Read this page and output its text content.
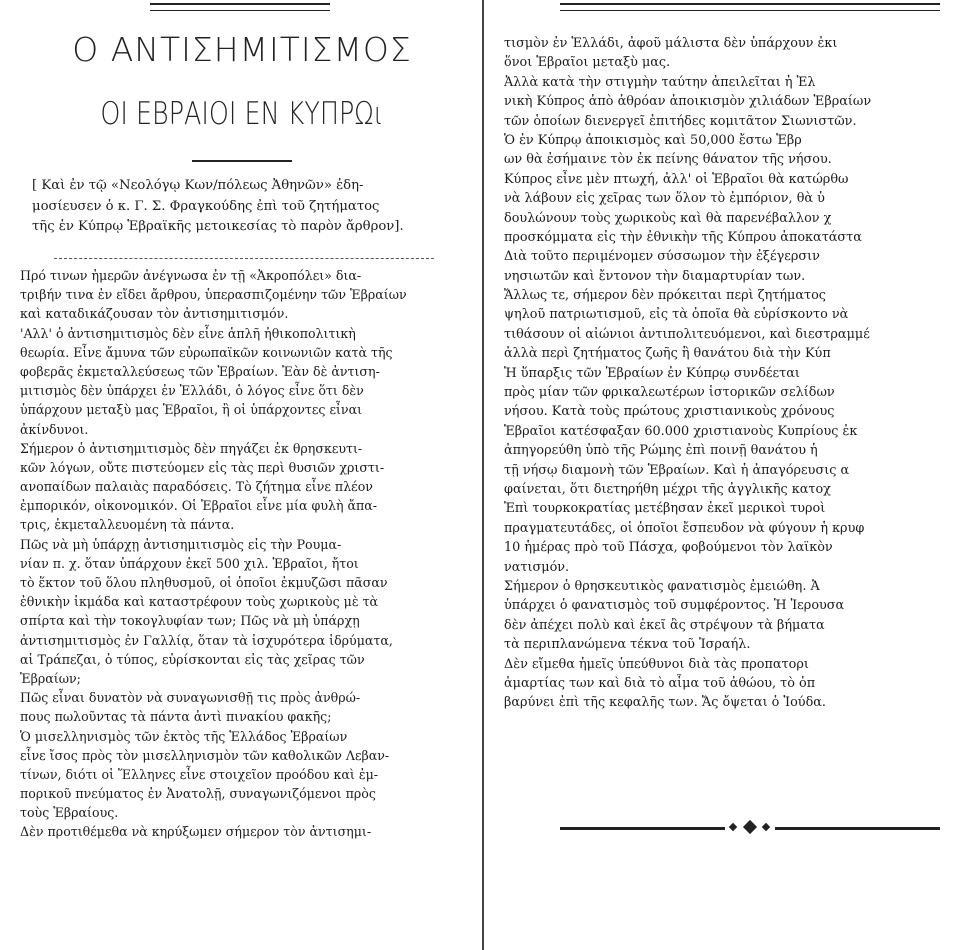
Ο ΑΝΤΙΣΗΜΙΤΙΣΜΟΣ
ΟΙ ΕΒΡΑΙΟΙ ΕΝ ΚΥΠΡΩι
[ Καὶ ἐν τῷ «Νεολόγῳ Κων/πόλεως Ἀθηνῶν» ἐδη-
μοσίευσεν ὁ κ. Γ. Σ. Φραγκούδης ἐπὶ τοῦ ζητήματος
τῆς ἐν Κύπρῳ Ἑβραϊκῆς μετοικεσίας τὸ παρὸν ἄρθρον].
Πρό τινων ἡμερῶν ἀνέγνωσα ἐν τῇ «Ἀκροπόλει» δια-
τριβήν τινα ἐν εἴδει ἄρθρου, ὑπερασπιζομένην τῶν Ἑβραίων
καὶ καταδικάζουσαν τὸν ἀντισημιτισμόν.
'Αλλ' ὁ ἀντισημιτισμὸς δὲν εἶνε ἁπλῆ ἠθικοπολιτικὴ
θεωρία. Εἶνε ἄμυνα τῶν εὐρωπαϊκῶν κοινωνιῶν κατὰ τῆς
φοβερᾶς ἐκμεταλλεύσεως τῶν Ἑβραίων. Ἐὰν δὲ ἀντιση-
μιτισμὸς δὲν ὑπάρχει ἐν Ἑλλάδι, ὁ λόγος εἶνε ὅτι δὲν
ὑπάρχουν μεταξὺ μας Ἑβραῖοι, ἢ οἱ ὑπάρχοντες εἶναι
ἀκίνδυνοι.
Σήμερον ὁ ἀντισημιτισμὸς δὲν πηγάζει ἐκ θρησκευτι-
κῶν λόγων, οὔτε πιστεύομεν εἰς τὰς περὶ θυσιῶν χριστι-
ανοπαίδων παλαιὰς παραδόσεις. Τὸ ζήτημα εἶνε πλέον
ἐμπορικόν, οἰκονομικόν. Οἱ Ἑβραῖοι εἶνε μία φυλὴ ἄπα-
τρις, ἐκμεταλλευομένη τὰ πάντα.
Πῶς νὰ μὴ ὑπάρχῃ ἀντισημιτισμὸς εἰς τὴν Ρουμα-
νίαν π. χ. ὅταν ὑπάρχουν ἐκεῖ 500 χιλ. Ἑβραῖοι, ἤτοι
τὸ ἕκτον τοῦ ὅλου πληθυσμοῦ, οἱ ὁποῖοι ἐκμυζῶσι πᾶσαν
ἐθνικὴν ἰκμάδα καὶ καταστρέφουν τοὺς χωρικοὺς μὲ τὰ
σπίρτα καὶ τὴν τοκογλυφίαν των; Πῶς νὰ μὴ ὑπάρχῃ
ἀντισημιτισμὸς ἐν Γαλλίᾳ, ὅταν τὰ ἰσχυρότερα ἱδρύματα,
αἱ Τράπεζαι, ὁ τύπος, εὑρίσκονται εἰς τὰς χεῖρας τῶν
Ἑβραίων;
Πῶς εἶναι δυνατὸν νὰ συναγωνισθῇ τις πρὸς ἀνθρώ-
πους πωλοῦντας τὰ πάντα ἀντὶ πινακίου φακῆς;
Ὁ μισελληνισμὸς τῶν ἐκτὸς τῆς Ἑλλάδος Ἑβραίων
εἶνε ἴσος πρὸς τὸν μισελληνισμὸν τῶν καθολικῶν Λεβαν-
τίνων, διότι οἱ Ἕλληνες εἶνε στοιχεῖον προόδου καὶ ἐμ-
πορικοῦ πνεύματος ἐν Ἀνατολῇ, συναγωνιζόμενοι πρὸς
τοὺς Ἑβραίους.
Δὲν προτιθέμεθα νὰ κηρύξωμεν σήμερον τὸν ἀντισημι-
τισμὸν ἐν Ἑλλάδι, ἀφοῦ μάλιστα δὲν ὑπάρχουν ἐκι
ὅνοι Ἑβραῖοι μεταξὺ μας.
Ἀλλὰ κατὰ τὴν στιγμὴν ταύτην ἀπειλεῖται ἡ Ἑλ
νικὴ Κύπρος ἀπὸ ἀθρόαν ἀποικισμὸν χιλιάδων Ἑβραίων
τῶν ὁποίων διενεργεῖ ἐπιτήδες κομιτᾶτον Σιωνιστῶν.
Ὁ ἐν Κύπρῳ ἀποικισμὸς καὶ 50,000 ἔστω Ἑβρ
ων θὰ ἐσήμαινε τὸν ἐκ πείνης θάνατον τῆς νήσου.
Κύπρος εἶνε μὲν πτωχή, ἀλλ' οἱ Ἑβραῖοι θὰ κατώρθω
νὰ λάβουν εἰς χεῖρας των ὅλον τὸ ἐμπόριον, θὰ ὑ
δουλώνουν τοὺς χωρικοὺς καὶ θὰ παρενέβαλλον χ
προσκόμματα εἰς τὴν ἐθνικὴν τῆς Κύπρου ἀποκατάστα
Διὰ τοῦτο περιμένομεν σύσσωμον τὴν ἐξέγερσιν
νησιωτῶν καὶ ἔντονον τὴν διαμαρτυρίαν των.
Ἄλλως τε, σήμερον δὲν πρόκειται περὶ ζητήματος
ψηλοῦ πατριωτισμοῦ, εἰς τὰ ὁποῖα θὰ εὑρίσκοντο νὰ
τιθάσουν οἱ αἰώνιοι ἀντιπολιτευόμενοι, καὶ διεστραμμέ
ἀλλὰ περὶ ζητήματος ζωῆς ἢ θανάτου διὰ τὴν Κύπ
Ἡ ὕπαρξις τῶν Ἑβραίων ἐν Κύπρῳ συνδέεται
πρὸς μίαν τῶν φρικαλεωτέρων ἱστορικῶν σελίδων
νήσου. Κατὰ τοὺς πρώτους χριστιανικοὺς χρόνους
Ἑβραῖοι κατέσφαξαν 60.000 χριστιανοὺς Κυπρίους ἐκ
ἀπηγορεύθη ὑπὸ τῆς Ρώμης ἐπὶ ποινῇ θανάτου ἡ
τῇ νήσῳ διαμονὴ τῶν Ἑβραίων. Καὶ ἡ ἀπαγόρευσις α
φαίνεται, ὅτι διετηρήθη μέχρι τῆς ἀγγλικῆς κατοχ
Ἐπὶ τουρκοκρατίας μετέβησαν ἐκεῖ μερικοὶ τυροὶ
πραγματευτάδες, οἱ ὁποῖοι ἔσπευδον νὰ φύγουν ἡ κρυφ
10 ἡμέρας πρὸ τοῦ Πάσχα, φοβούμενοι τὸν λαϊκὸν
νατισμόν.
Σήμερον ὁ θρησκευτικὸς φανατισμὸς ἐμειώθη. Ἀ
ὑπάρχει ὁ φανατισμὸς τοῦ συμφέροντος. Ἡ Ἱερουσα
δὲν ἀπέχει πολὺ καὶ ἐκεῖ ἂς στρέψουν τὰ βήματα
τὰ περιπλανώμενα τέκνα τοῦ Ἰσραήλ.
Δὲν εἴμεθα ἡμεῖς ὑπεύθυνοι διὰ τὰς προπατορι
ἁμαρτίας των καὶ διὰ τὸ αἷμα τοῦ ἀθώου, τὸ ὁπ
βαρύνει ἐπὶ τῆς κεφαλῆς των. Ἄς ὄψεται ὁ Ἰούδα.
